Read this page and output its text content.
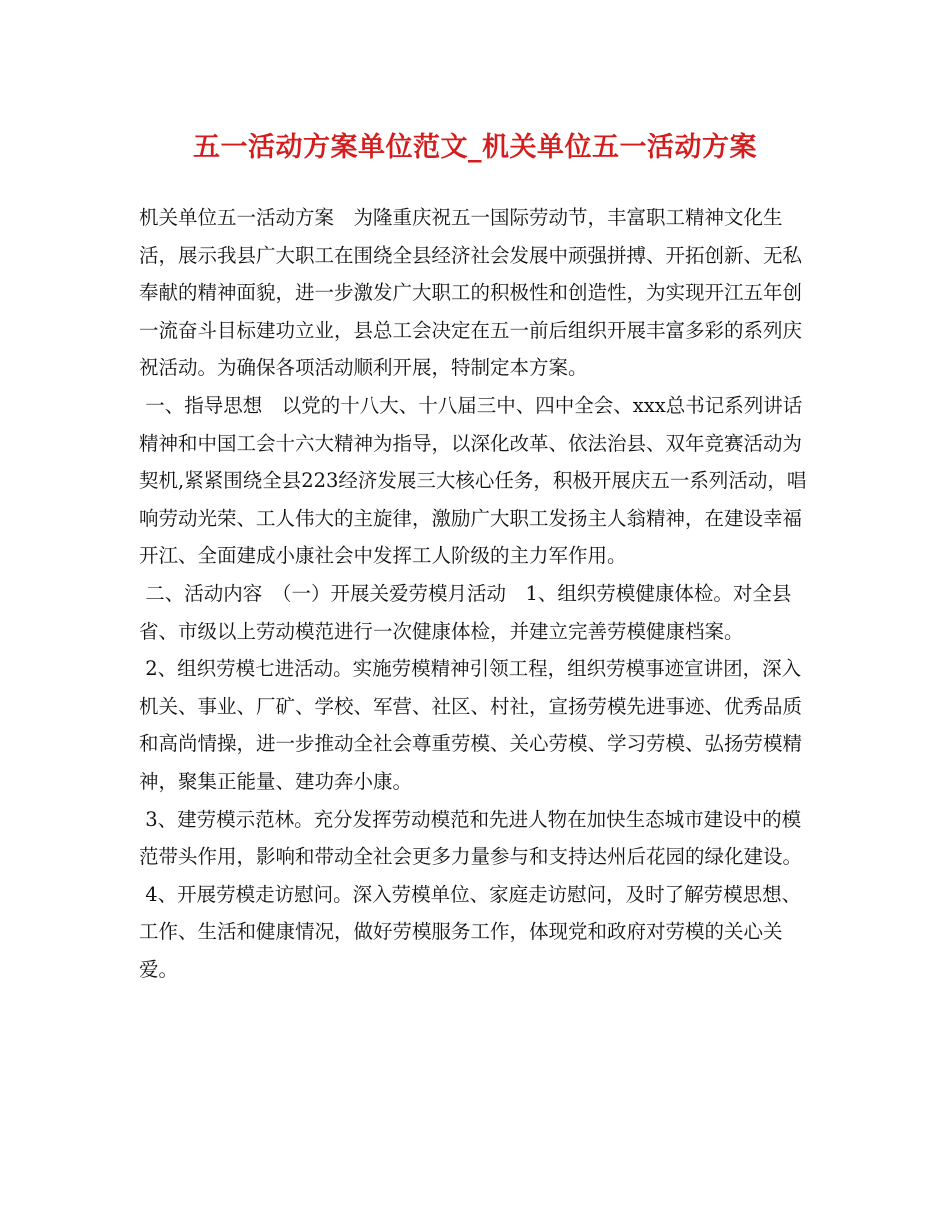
五一活动方案单位范文_机关单位五一活动方案

机关单位五一活动方案　为隆重庆祝五一国际劳动节，丰富职工精神文化生活，展示我县广大职工在围绕全县经济社会发展中顽强拼搏、开拓创新、无私奉献的精神面貌，进一步激发广大职工的积极性和创造性，为实现开江五年创一流奋斗目标建功立业，县总工会决定在五一前后组织开展丰富多彩的系列庆祝活动。为确保各项活动顺利开展，特制定本方案。

一、指导思想　以党的十八大、十八届三中、四中全会、xxx总书记系列讲话精神和中国工会十六大精神为指导，以深化改革、依法治县、双年竞赛活动为契机,紧紧围绕全县223经济发展三大核心任务，积极开展庆五一系列活动，唱响劳动光荣、工人伟大的主旋律，激励广大职工发扬主人翁精神，在建设幸福开江、全面建成小康社会中发挥工人阶级的主力军作用。

二、活动内容　（一）开展关爱劳模月活动　1、组织劳模健康体检。对全县省、市级以上劳动模范进行一次健康体检，并建立完善劳模健康档案。

2、组织劳模七进活动。实施劳模精神引领工程，组织劳模事迹宣讲团，深入机关、事业、厂矿、学校、军营、社区、村社，宣扬劳模先进事迹、优秀品质和高尚情操，进一步推动全社会尊重劳模、关心劳模、学习劳模、弘扬劳模精神，聚集正能量、建功奔小康。

3、建劳模示范林。充分发挥劳动模范和先进人物在加快生态城市建设中的模范带头作用，影响和带动全社会更多力量参与和支持达州后花园的绿化建设。

4、开展劳模走访慰问。深入劳模单位、家庭走访慰问，及时了解劳模思想、工作、生活和健康情况，做好劳模服务工作，体现党和政府对劳模的关心关爱。
